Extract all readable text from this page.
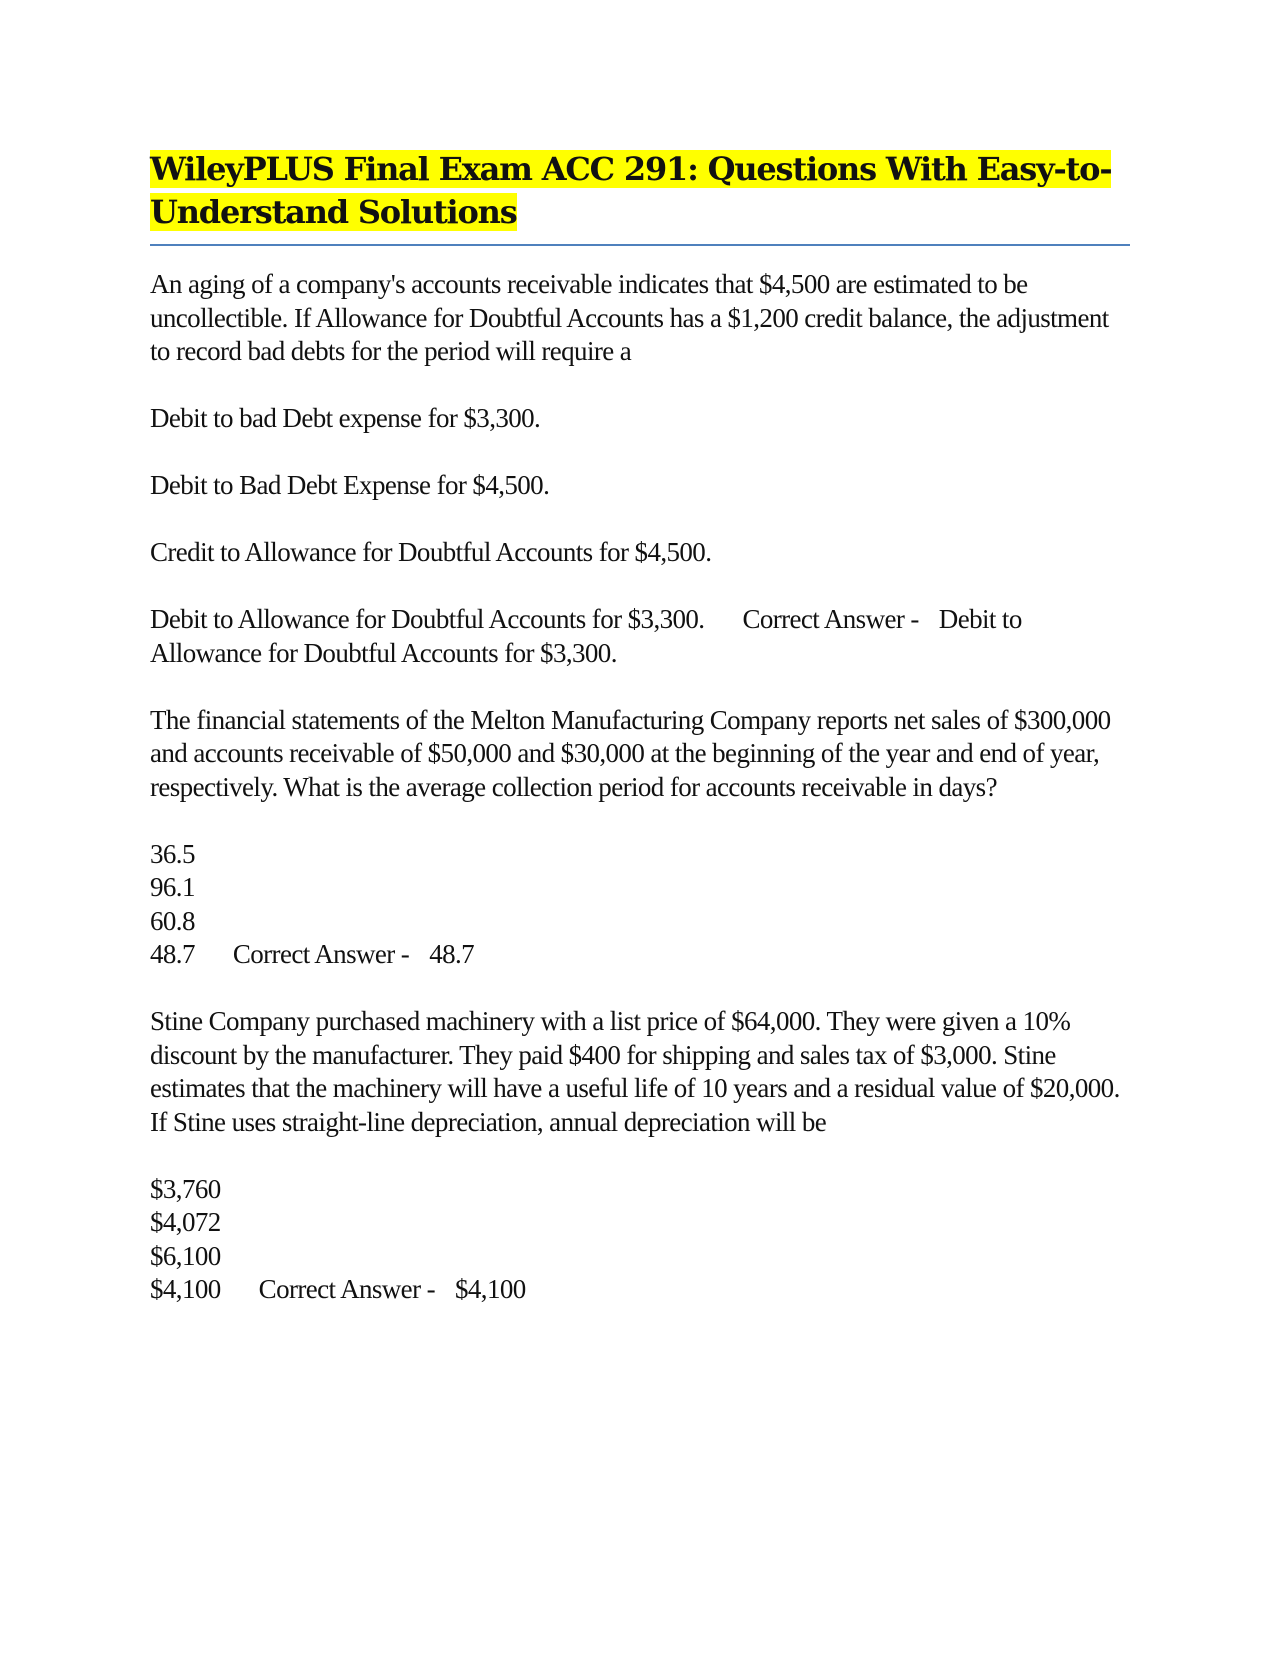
WileyPLUS Final Exam ACC 291: Questions With Easy-to-
Understand Solutions

An aging of a company's accounts receivable indicates that $4,500 are estimated to be uncollectible. If Allowance for Doubtful Accounts has a $1,200 credit balance, the adjustment to record bad debts for the period will require a

Debit to bad Debt expense for $3,300.

Debit to Bad Debt Expense for $4,500.

Credit to Allowance for Doubtful Accounts for $4,500.

Debit to Allowance for Doubtful Accounts for $3,300. Correct Answer - Debit to Allowance for Doubtful Accounts for $3,300.

The financial statements of the Melton Manufacturing Company reports net sales of $300,000 and accounts receivable of $50,000 and $30,000 at the beginning of the year and end of year, respectively. What is the average collection period for accounts receivable in days?

36.5

96.1

60.8

48.7 Correct Answer - 48.7

Stine Company purchased machinery with a list price of $64,000. They were given a 10% discount by the manufacturer. They paid $400 for shipping and sales tax of $3,000. Stine estimates that the machinery will have a useful life of 10 years and a residual value of $20,000. If Stine uses straight-line depreciation, annual depreciation will be

$3,760

$4,072

$6,100

$4,100 Correct Answer - $4,100
